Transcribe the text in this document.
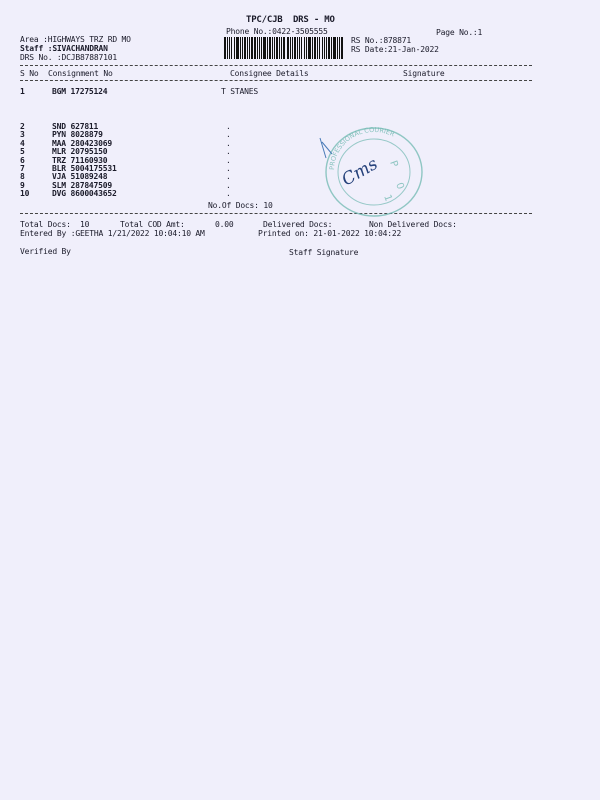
TPC/CJB  DRS - MO
Phone No.:0422-3505555	Page No.:1
Area :HIGHWAYS TRZ RD MO
Staff :SIVACHANDRAN
DRS No. :DCJB87887101
RS No.:878871
RS Date:21-Jan-2022
S No Consignment No	Consignee Details	Signature
1	BGM 17275124	T STANES
2	SND 627811	.
3	PYN 8028879	.
4	MAA 280423069	.
5	MLR 20795150	.
6	TRZ 71160930	.
7	BLR 5004175531	.
8	VJA 51089248	.
9	SLM 287847509	.
10	DVG 8600043652	.
No.Of Docs: 10
Total Docs:  10	Total COD Amt:	0.00	Delivered Docs:	Non Delivered Docs:
Entered By :GEETHA 1/21/2022 10:04:10 AM	Printed on: 21-01-2022 10:04:22
Verified By	Staff Signature
PROFESSIONAL COURIER
P
0
1
Cms
